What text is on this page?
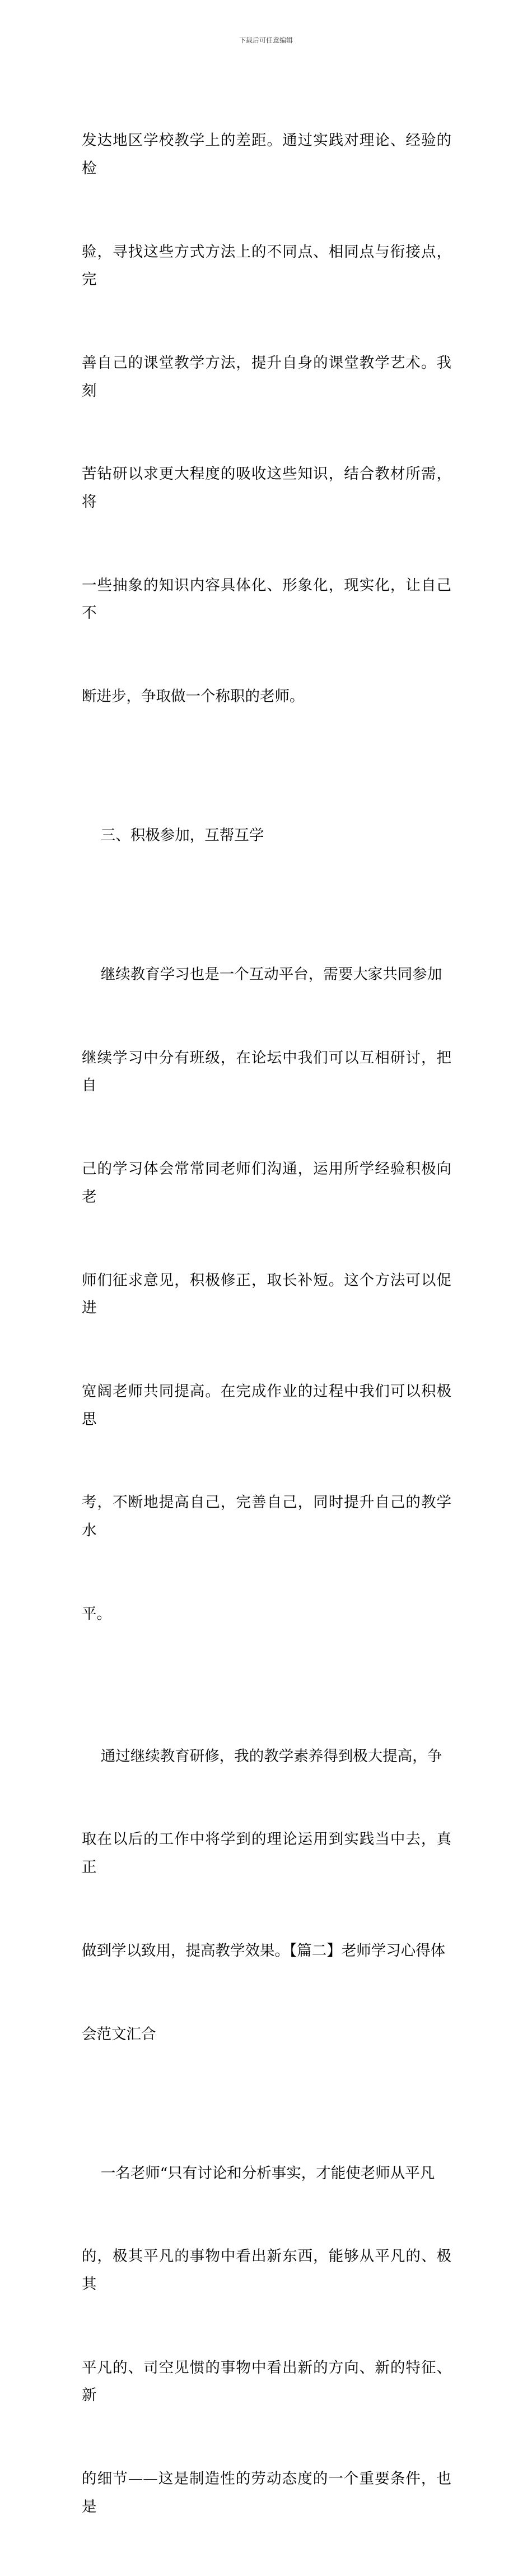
下载后可任意编辑

发达地区学校教学上的差距。通过实践对理论、经验的检

验，寻找这些方式方法上的不同点、相同点与衔接点，完

善自己的课堂教学方法，提升自身的课堂教学艺术。我刻

苦钻研以求更大程度的吸收这些知识，结合教材所需，将

一些抽象的知识内容具体化、形象化，现实化，让自己不

断进步，争取做一个称职的老师。

三、积极参加，互帮互学

继续教育学习也是一个互动平台，需要大家共同参加

继续学习中分有班级，在论坛中我们可以互相研讨，把自

己的学习体会常常同老师们沟通，运用所学经验积极向老

师们征求意见，积极修正，取长补短。这个方法可以促进

宽阔老师共同提高。在完成作业的过程中我们可以积极思

考，不断地提高自己，完善自己，同时提升自己的教学水

平。

通过继续教育研修，我的教学素养得到极大提高，争

取在以后的工作中将学到的理论运用到实践当中去，真正

做到学以致用，提高教学效果。【篇二】老师学习心得体

会范文汇合

一名老师“只有讨论和分析事实，才能使老师从平凡

的，极其平凡的事物中看出新东西，能够从平凡的、极其

平凡的、司空见惯的事物中看出新的方向、新的特征、新

的细节——这是制造性的劳动态度的一个重要条件，也是
